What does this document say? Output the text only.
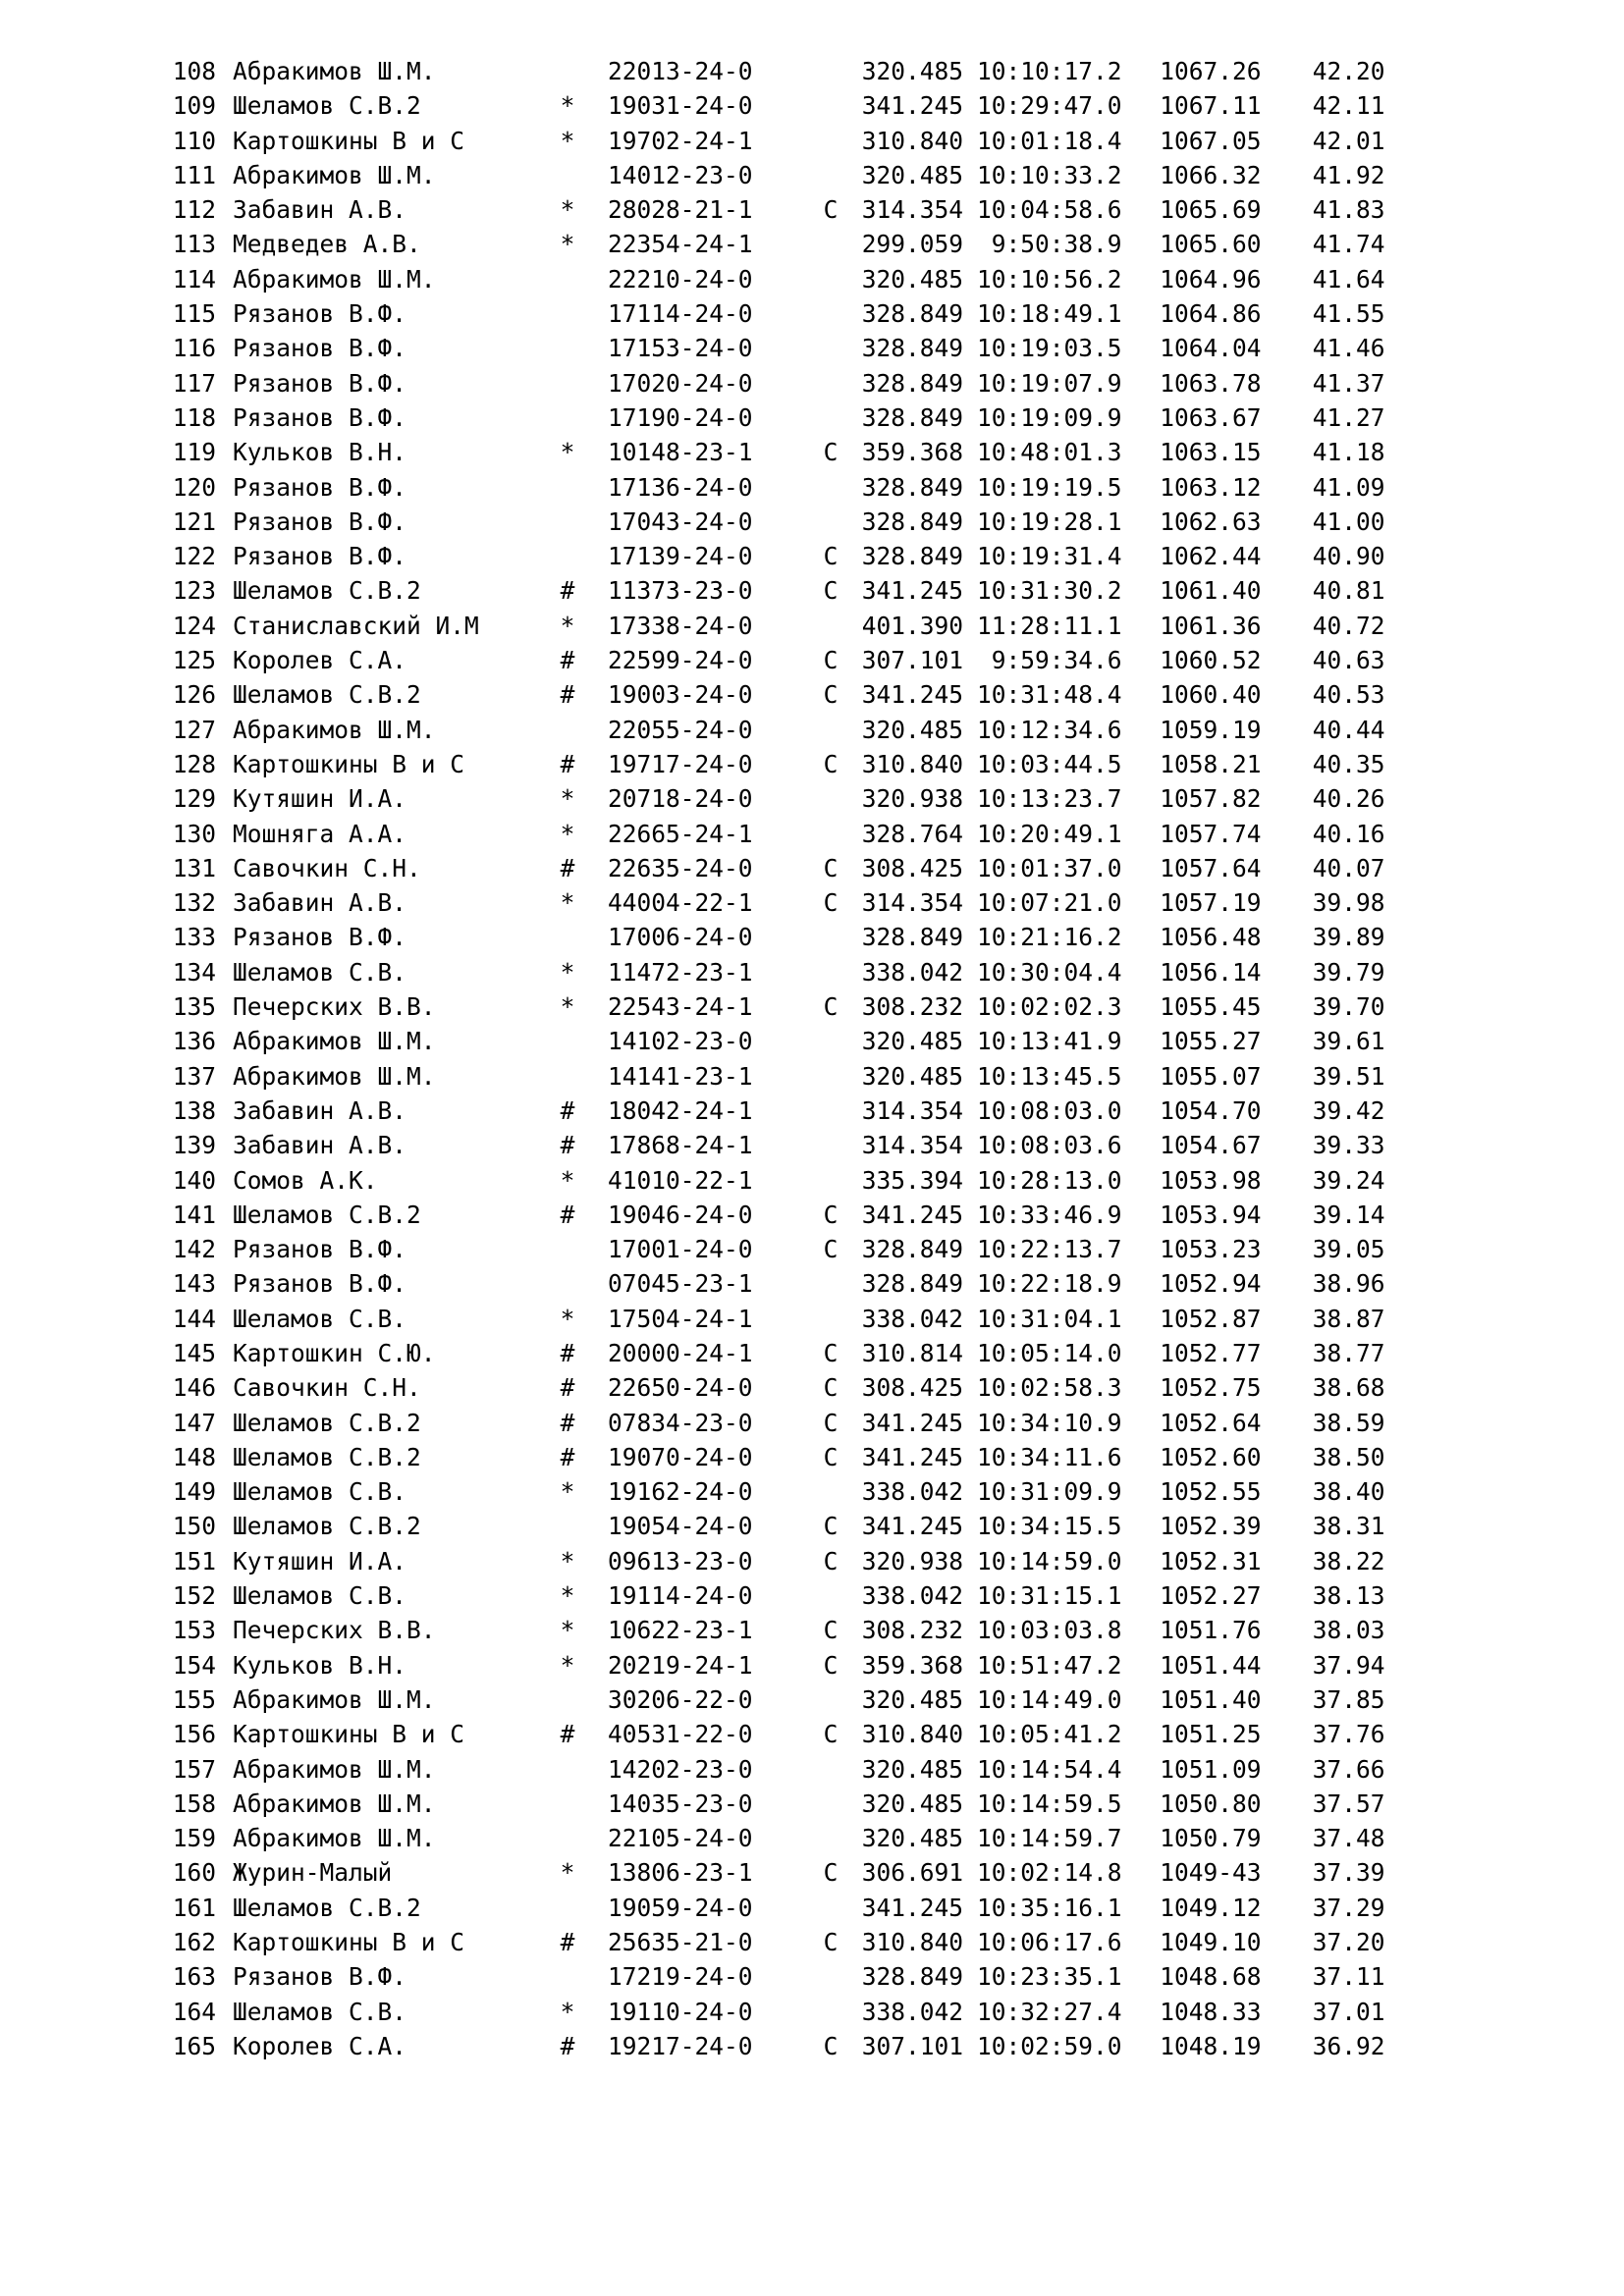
108	Абракимов Ш.М.		22013-24-0		320.485	10:10:17.2	1067.26	42.20
109	Шеламов С.В.2	*	19031-24-0		341.245	10:29:47.0	1067.11	42.11
110	Картошкины В и С	*	19702-24-1		310.840	10:01:18.4	1067.05	42.01
111	Абракимов Ш.М.		14012-23-0		320.485	10:10:33.2	1066.32	41.92
112	Забавин А.В.	*	28028-21-1	C	314.354	10:04:58.6	1065.69	41.83
113	Медведев А.В.	*	22354-24-1		299.059	9:50:38.9	1065.60	41.74
114	Абракимов Ш.М.		22210-24-0		320.485	10:10:56.2	1064.96	41.64
115	Рязанов В.Ф.		17114-24-0		328.849	10:18:49.1	1064.86	41.55
116	Рязанов В.Ф.		17153-24-0		328.849	10:19:03.5	1064.04	41.46
117	Рязанов В.Ф.		17020-24-0		328.849	10:19:07.9	1063.78	41.37
118	Рязанов В.Ф.		17190-24-0		328.849	10:19:09.9	1063.67	41.27
119	Кульков В.Н.	*	10148-23-1	C	359.368	10:48:01.3	1063.15	41.18
120	Рязанов В.Ф.		17136-24-0		328.849	10:19:19.5	1063.12	41.09
121	Рязанов В.Ф.		17043-24-0		328.849	10:19:28.1	1062.63	41.00
122	Рязанов В.Ф.		17139-24-0	C	328.849	10:19:31.4	1062.44	40.90
123	Шеламов С.В.2	#	11373-23-0	C	341.245	10:31:30.2	1061.40	40.81
124	Станиславский И.М	*	17338-24-0		401.390	11:28:11.1	1061.36	40.72
125	Королев С.А.	#	22599-24-0	C	307.101	9:59:34.6	1060.52	40.63
126	Шеламов С.В.2	#	19003-24-0	C	341.245	10:31:48.4	1060.40	40.53
127	Абракимов Ш.М.		22055-24-0		320.485	10:12:34.6	1059.19	40.44
128	Картошкины В и С	#	19717-24-0	C	310.840	10:03:44.5	1058.21	40.35
129	Кутяшин И.А.	*	20718-24-0		320.938	10:13:23.7	1057.82	40.26
130	Мошняга А.А.	*	22665-24-1		328.764	10:20:49.1	1057.74	40.16
131	Савочкин С.Н.	#	22635-24-0	C	308.425	10:01:37.0	1057.64	40.07
132	Забавин А.В.	*	44004-22-1	C	314.354	10:07:21.0	1057.19	39.98
133	Рязанов В.Ф.		17006-24-0		328.849	10:21:16.2	1056.48	39.89
134	Шеламов С.В.	*	11472-23-1		338.042	10:30:04.4	1056.14	39.79
135	Печерских В.В.	*	22543-24-1	C	308.232	10:02:02.3	1055.45	39.70
136	Абракимов Ш.М.		14102-23-0		320.485	10:13:41.9	1055.27	39.61
137	Абракимов Ш.М.		14141-23-1		320.485	10:13:45.5	1055.07	39.51
138	Забавин А.В.	#	18042-24-1		314.354	10:08:03.0	1054.70	39.42
139	Забавин А.В.	#	17868-24-1		314.354	10:08:03.6	1054.67	39.33
140	Сомов А.К.	*	41010-22-1		335.394	10:28:13.0	1053.98	39.24
141	Шеламов С.В.2	#	19046-24-0	C	341.245	10:33:46.9	1053.94	39.14
142	Рязанов В.Ф.		17001-24-0	C	328.849	10:22:13.7	1053.23	39.05
143	Рязанов В.Ф.		07045-23-1		328.849	10:22:18.9	1052.94	38.96
144	Шеламов С.В.	*	17504-24-1		338.042	10:31:04.1	1052.87	38.87
145	Картошкин С.Ю.	#	20000-24-1	C	310.814	10:05:14.0	1052.77	38.77
146	Савочкин С.Н.	#	22650-24-0	C	308.425	10:02:58.3	1052.75	38.68
147	Шеламов С.В.2	#	07834-23-0	C	341.245	10:34:10.9	1052.64	38.59
148	Шеламов С.В.2	#	19070-24-0	C	341.245	10:34:11.6	1052.60	38.50
149	Шеламов С.В.	*	19162-24-0		338.042	10:31:09.9	1052.55	38.40
150	Шеламов С.В.2		19054-24-0	C	341.245	10:34:15.5	1052.39	38.31
151	Кутяшин И.А.	*	09613-23-0	C	320.938	10:14:59.0	1052.31	38.22
152	Шеламов С.В.	*	19114-24-0		338.042	10:31:15.1	1052.27	38.13
153	Печерских В.В.	*	10622-23-1	C	308.232	10:03:03.8	1051.76	38.03
154	Кульков В.Н.	*	20219-24-1	C	359.368	10:51:47.2	1051.44	37.94
155	Абракимов Ш.М.		30206-22-0		320.485	10:14:49.0	1051.40	37.85
156	Картошкины В и С	#	40531-22-0	C	310.840	10:05:41.2	1051.25	37.76
157	Абракимов Ш.М.		14202-23-0		320.485	10:14:54.4	1051.09	37.66
158	Абракимов Ш.М.		14035-23-0		320.485	10:14:59.5	1050.80	37.57
159	Абракимов Ш.М.		22105-24-0		320.485	10:14:59.7	1050.79	37.48
160	Журин-Малый	*	13806-23-1	C	306.691	10:02:14.8	1049-43	37.39
161	Шеламов С.В.2		19059-24-0		341.245	10:35:16.1	1049.12	37.29
162	Картошкины В и С	#	25635-21-0	C	310.840	10:06:17.6	1049.10	37.20
163	Рязанов В.Ф.		17219-24-0		328.849	10:23:35.1	1048.68	37.11
164	Шеламов С.В.	*	19110-24-0		338.042	10:32:27.4	1048.33	37.01
165	Королев С.А.	#	19217-24-0	C	307.101	10:02:59.0	1048.19	36.92
